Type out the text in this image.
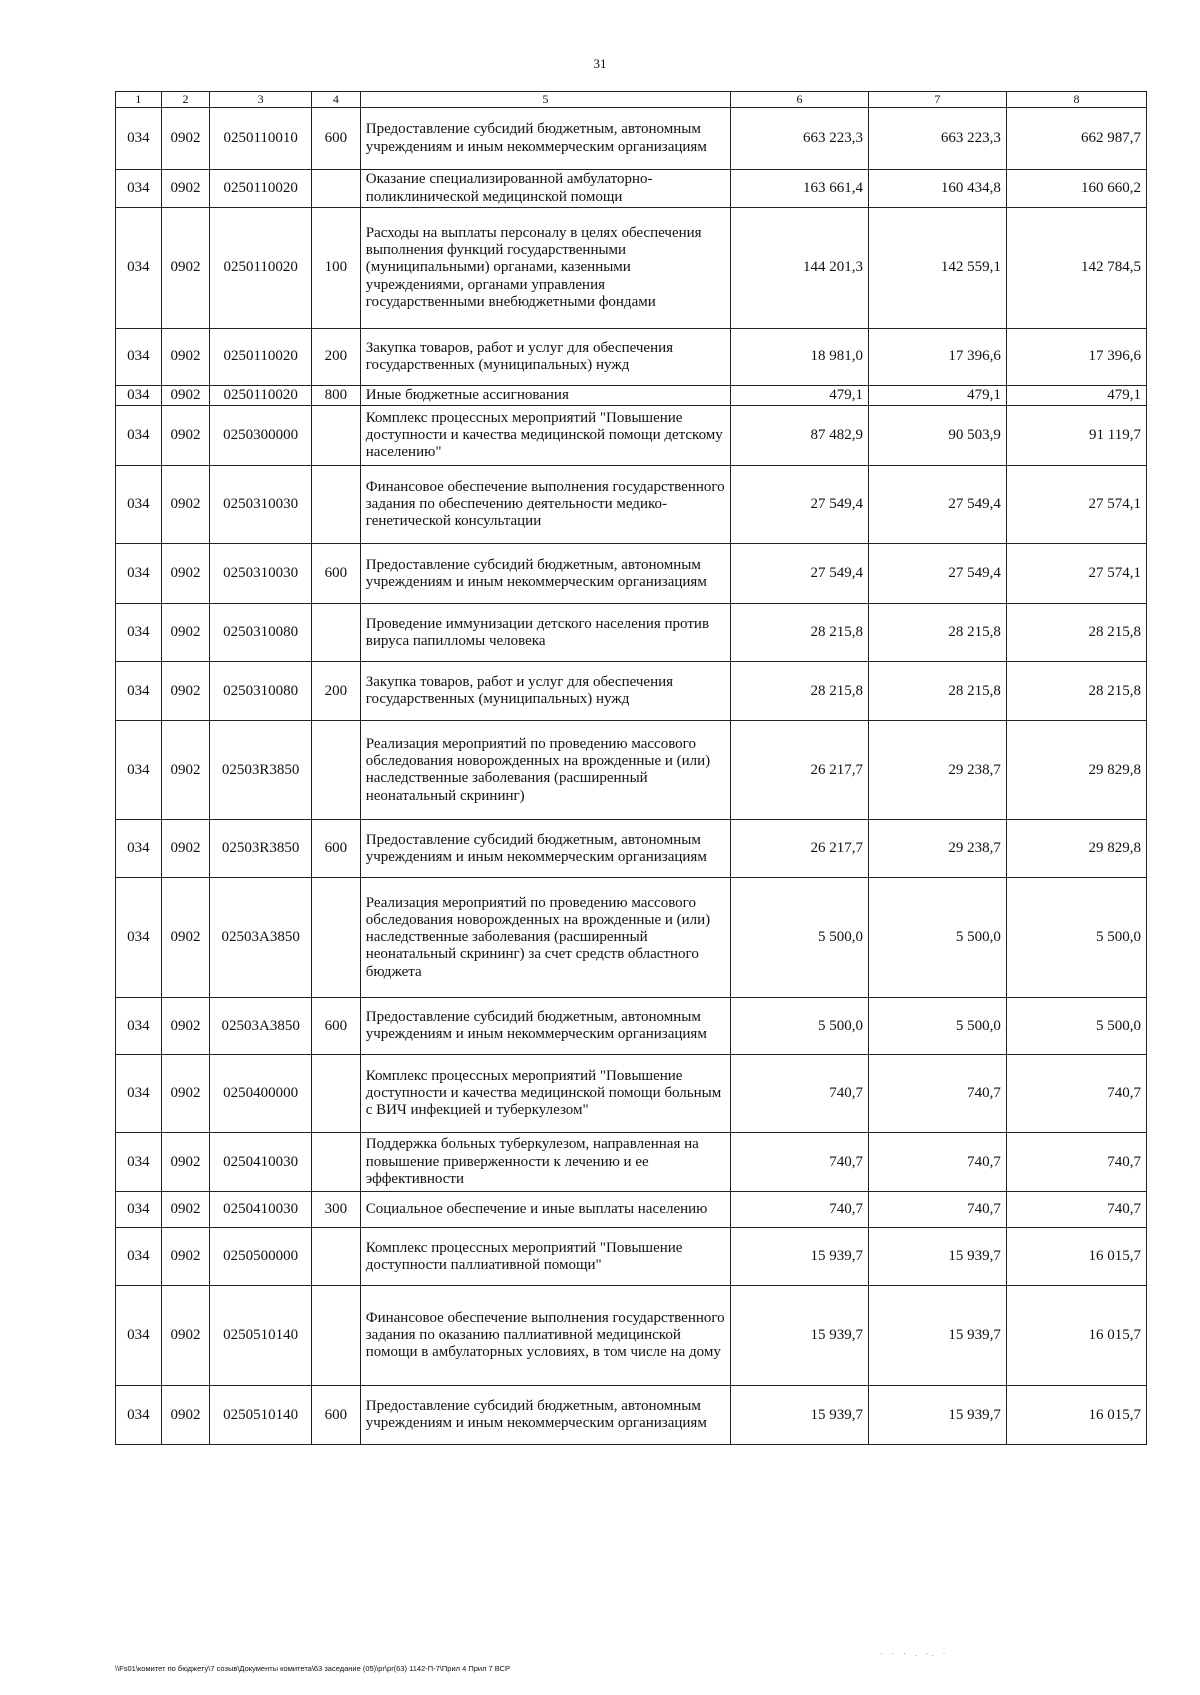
31
1	2	3	4	5	6	7	8
034	0902	0250110010	600	Предоставление субсидий бюджетным, автономным учреждениям и иным некоммерческим организациям	663 223,3	663 223,3	662 987,7
034	0902	0250110020		Оказание специализированной амбулаторно-поликлинической медицинской помощи	163 661,4	160 434,8	160 660,2
034	0902	0250110020	100	Расходы на выплаты персоналу в целях обеспечения выполнения функций государственными (муниципальными) органами, казенными учреждениями, органами управления государственными внебюджетными фондами	144 201,3	142 559,1	142 784,5
034	0902	0250110020	200	Закупка товаров, работ и услуг для обеспечения государственных (муниципальных) нужд	18 981,0	17 396,6	17 396,6
034	0902	0250110020	800	Иные бюджетные ассигнования	479,1	479,1	479,1
034	0902	0250300000		Комплекс процессных мероприятий "Повышение доступности и качества медицинской помощи детскому населению"	87 482,9	90 503,9	91 119,7
034	0902	0250310030		Финансовое обеспечение выполнения государственного задания по обеспечению деятельности медико-генетической консультации	27 549,4	27 549,4	27 574,1
034	0902	0250310030	600	Предоставление субсидий бюджетным, автономным учреждениям и иным некоммерческим организациям	27 549,4	27 549,4	27 574,1
034	0902	0250310080		Проведение иммунизации детского населения против вируса папилломы человека	28 215,8	28 215,8	28 215,8
034	0902	0250310080	200	Закупка товаров, работ и услуг для обеспечения государственных (муниципальных) нужд	28 215,8	28 215,8	28 215,8
034	0902	02503R3850		Реализация мероприятий по проведению массового обследования новорожденных на врожденные и (или) наследственные заболевания (расширенный неонатальный скрининг)	26 217,7	29 238,7	29 829,8
034	0902	02503R3850	600	Предоставление субсидий бюджетным, автономным учреждениям и иным некоммерческим организациям	26 217,7	29 238,7	29 829,8
034	0902	02503A3850		Реализация мероприятий по проведению массового обследования новорожденных на врожденные и (или) наследственные заболевания (расширенный неонатальный скрининг) за счет средств областного бюджета	5 500,0	5 500,0	5 500,0
034	0902	02503A3850	600	Предоставление субсидий бюджетным, автономным учреждениям и иным некоммерческим организациям	5 500,0	5 500,0	5 500,0
034	0902	0250400000		Комплекс процессных мероприятий "Повышение доступности и качества медицинской помощи больным с ВИЧ инфекцией и туберкулезом"	740,7	740,7	740,7
034	0902	0250410030		Поддержка больных туберкулезом, направленная на повышение приверженности к лечению и ее эффективности	740,7	740,7	740,7
034	0902	0250410030	300	Социальное обеспечение и иные выплаты населению	740,7	740,7	740,7
034	0902	0250500000		Комплекс процессных мероприятий "Повышение доступности паллиативной помощи"	15 939,7	15 939,7	16 015,7
034	0902	0250510140		Финансовое обеспечение выполнения государственного задания по оказанию паллиативной медицинской помощи в амбулаторных условиях, в том числе на дому	15 939,7	15 939,7	16 015,7
034	0902	0250510140	600	Предоставление субсидий бюджетным, автономным учреждениям и иным некоммерческим организациям	15 939,7	15 939,7	16 015,7
\\Fs01\комитет по бюджету\7 созыв\Документы комитета\63 заседание (05)\pr\pr(63) 1142-П-7\Прил 4 Прил 7 ВСР
· · · . ·. ·
